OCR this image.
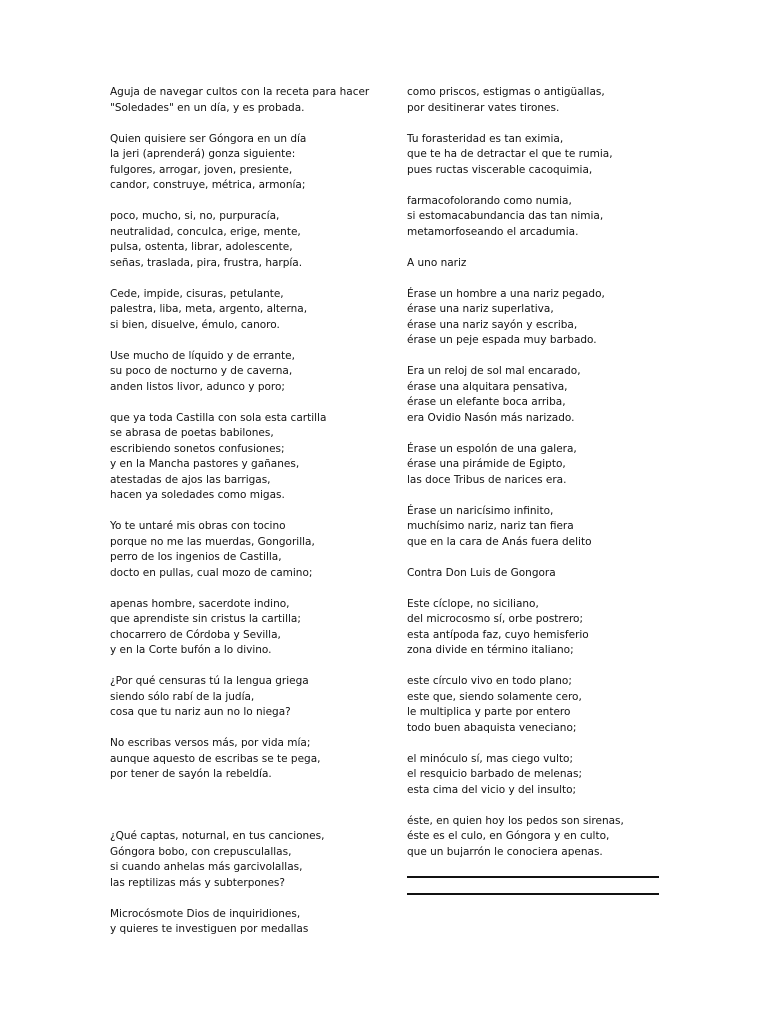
Aguja de navegar cultos con la receta para hacer
"Soledades" en un día, y es probada.
Quien quisiere ser Góngora en un día
la jeri (aprenderá) gonza siguiente:
fulgores, arrogar, joven, presiente,
candor, construye, métrica, armonía;
poco, mucho, si, no, purpuracía,
neutralidad, conculca, erige, mente,
pulsa, ostenta, librar, adolescente,
señas, traslada, pira, frustra, harpía.
Cede, impide, cisuras, petulante,
palestra, liba, meta, argento, alterna,
si bien, disuelve, émulo, canoro.
Use mucho de líquido y de errante,
su poco de nocturno y de caverna,
anden listos livor, adunco y poro;
que ya toda Castilla con sola esta cartilla
se abrasa de poetas babilones,
escribiendo sonetos confusiones;
y en la Mancha pastores y gañanes,
atestadas de ajos las barrigas,
hacen ya soledades como migas.
Yo te untaré mis obras con tocino
porque no me las muerdas, Gongorilla,
perro de los ingenios de Castilla,
docto en pullas, cual mozo de camino;
apenas hombre, sacerdote indino,
que aprendiste sin cristus la cartilla;
chocarrero de Córdoba y Sevilla,
y en la Corte bufón a lo divino.
¿Por qué censuras tú la lengua griega
siendo sólo rabí de la judía,
cosa que tu nariz aun no lo niega?
No escribas versos más, por vida mía;
aunque aquesto de escribas se te pega,
por tener de sayón la rebeldía.
¿Qué captas, noturnal, en tus canciones,
Góngora bobo, con crepusculallas,
si cuando anhelas más garcivolallas,
las reptilizas más y subterpones?
Microcósmote Dios de inquiridiones,
y quieres te investiguen por medallas
como priscos, estigmas o antigüallas,
por desitinerar vates tirones.
Tu forasteridad es tan eximia,
que te ha de detractar el que te rumia,
pues ructas viscerable cacoquimia,
farmacofolorando como numia,
si estomacabundancia das tan nimia,
metamorfoseando el arcadumia.
A uno nariz
Érase un hombre a una nariz pegado,
érase una nariz superlativa,
érase una nariz sayón y escriba,
érase un peje espada muy barbado.
Era un reloj de sol mal encarado,
érase una alquitara pensativa,
érase un elefante boca arriba,
era Ovidio Nasón más narizado.
Érase un espolón de una galera,
érase una pirámide de Egipto,
las doce Tribus de narices era.
Érase un naricísimo infinito,
muchísimo nariz, nariz tan fiera
que en la cara de Anás fuera delito
Contra Don Luis de Gongora
Este cíclope, no siciliano,
del microcosmo sí, orbe postrero;
esta antípoda faz, cuyo hemisferio
zona divide en término italiano;
este círculo vivo en todo plano;
este que, siendo solamente cero,
le multiplica y parte por entero
todo buen abaquista veneciano;
el minóculo sí, mas ciego vulto;
el resquicio barbado de melenas;
esta cima del vicio y del insulto;
éste, en quien hoy los pedos son sirenas,
éste es el culo, en Góngora y en culto,
que un bujarrón le conociera apenas.
